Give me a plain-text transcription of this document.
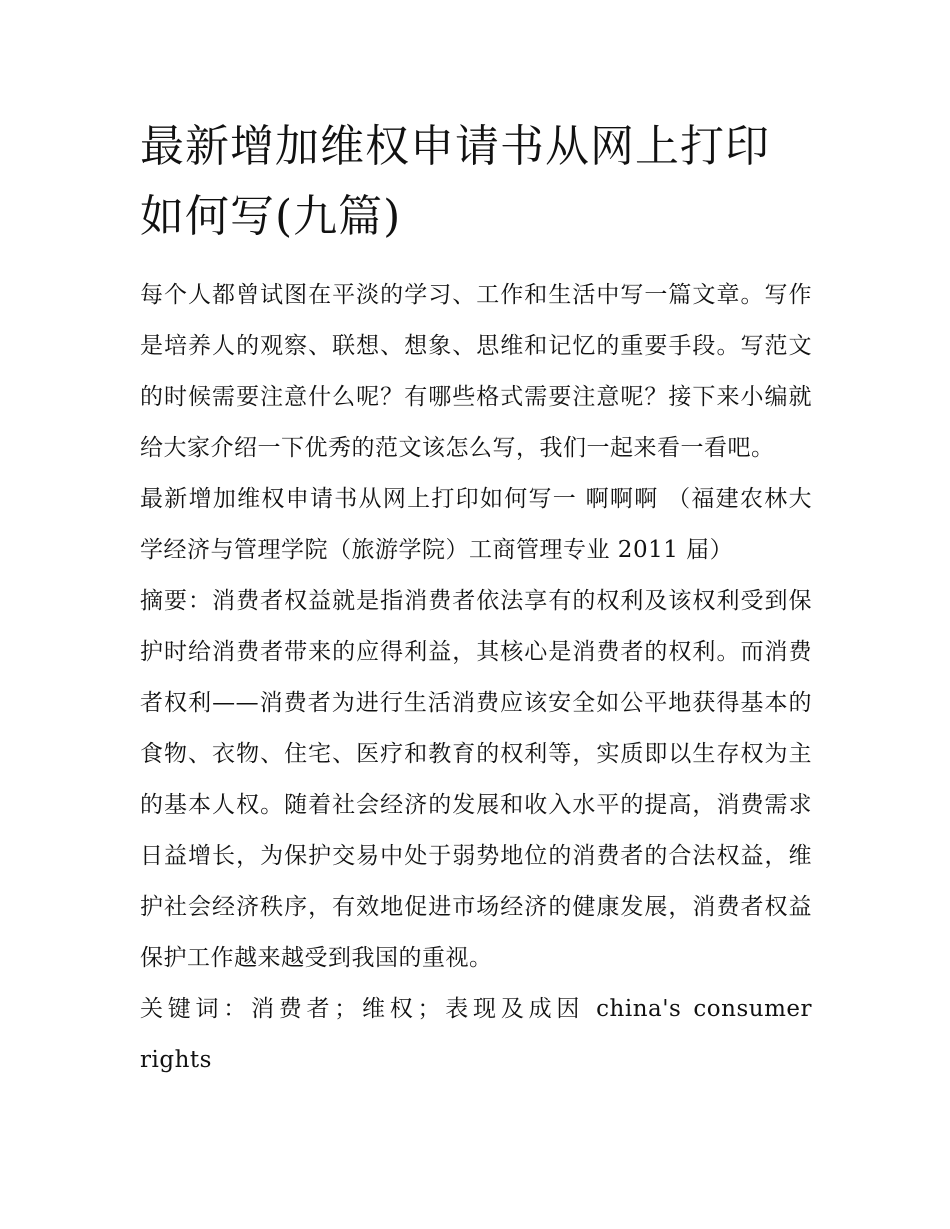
最新增加维权申请书从网上打印如何写(九篇)

每个人都曾试图在平淡的学习、工作和生活中写一篇文章。写作是培养人的观察、联想、想象、思维和记忆的重要手段。写范文的时候需要注意什么呢？有哪些格式需要注意呢？接下来小编就给大家介绍一下优秀的范文该怎么写，我们一起来看一看吧。

最新增加维权申请书从网上打印如何写一 啊啊啊 （福建农林大学经济与管理学院（旅游学院）工商管理专业 2011 届）

摘要：消费者权益就是指消费者依法享有的权利及该权利受到保护时给消费者带来的应得利益，其核心是消费者的权利。而消费者权利——消费者为进行生活消费应该安全如公平地获得基本的食物、衣物、住宅、医疗和教育的权利等，实质即以生存权为主的基本人权。随着社会经济的发展和收入水平的提高，消费需求日益增长，为保护交易中处于弱势地位的消费者的合法权益，维护社会经济秩序，有效地促进市场经济的健康发展，消费者权益保护工作越来越受到我国的重视。

关键词：消费者；维权；表现及成因 china's consumer rights
